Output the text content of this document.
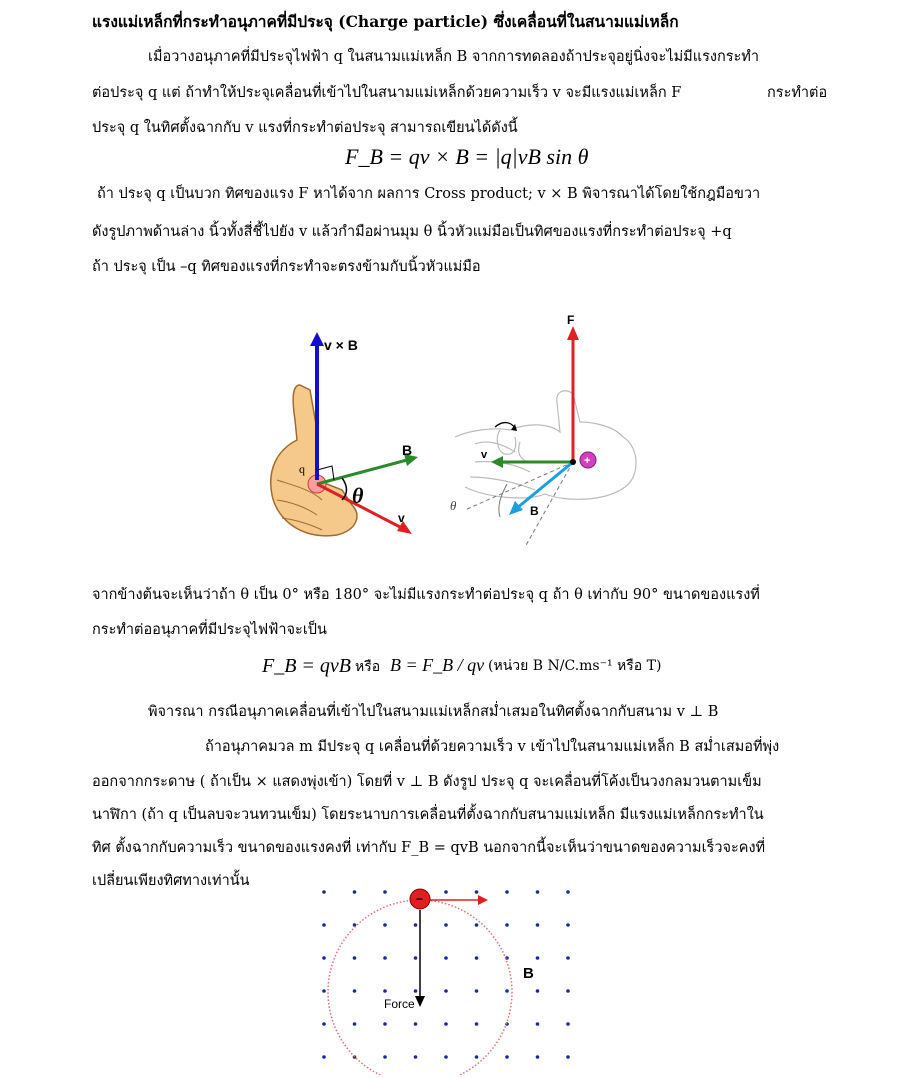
แรงแม่เหล็กที่กระทำอนุภาคที่มีประจุ (Charge particle) ซึ่งเคลื่อนที่ในสนามแม่เหล็ก
เมื่อวางอนุภาคที่มีประจุไฟฟ้า q ในสนามแม่เหล็ก B จากการทดลองถ้าประจุอยู่นิ่งจะไม่มีแรงกระทำ
ต่อประจุ q แต่ ถ้าทำให้ประจุเคลื่อนที่เข้าไปในสนามแม่เหล็กด้วยความเร็ว v จะมีแรงแม่เหล็ก F	กระทำต่อ
ประจุ q ในทิศตั้งฉากกับ v แรงที่กระทำต่อประจุ สามารถเขียนได้ดังนี้
F_B = qv × B = |q|vB sin θ
ถ้า ประจุ q เป็นบวก ทิศของแรง F หาได้จาก ผลการ Cross product; v × B พิจารณาได้โดยใช้กฎมือขวา
ดังรูปภาพด้านล่าง นิ้วทั้งสี่ชี้ไปยัง v แล้วกำมือผ่านมุม θ นิ้วหัวแม่มือเป็นทิศของแรงที่กระทำต่อประจุ +q
ถ้า ประจุ เป็น –q ทิศของแรงที่กระทำจะตรงข้ามกับนิ้วหัวแม่มือ
v × B
B
v
q
θ	θ
F
v
B
+
จากข้างต้นจะเห็นว่าถ้า θ เป็น 0° หรือ 180° จะไม่มีแรงกระทำต่อประจุ q ถ้า θ เท่ากับ 90° ขนาดของแรงที่
กระทำต่ออนุภาคที่มีประจุไฟฟ้าจะเป็น
F_B = qvB หรือ B = F_B / qv (หน่วย B N/C.ms⁻¹ หรือ T)
พิจารณา กรณีอนุภาคเคลื่อนที่เข้าไปในสนามแม่เหล็กสม่ำเสมอในทิศตั้งฉากกับสนาม v ⊥ B
ถ้าอนุภาคมวล m มีประจุ q เคลื่อนที่ด้วยความเร็ว v เข้าไปในสนามแม่เหล็ก B สม่ำเสมอที่พุ่ง
ออกจากกระดาษ ( ถ้าเป็น × แสดงพุ่งเข้า) โดยที่ v ⊥ B ดังรูป ประจุ q จะเคลื่อนที่โค้งเป็นวงกลมวนตามเข็ม
นาฬิกา (ถ้า q เป็นลบจะวนทวนเข็ม) โดยระนาบการเคลื่อนที่ตั้งฉากกับสนามแม่เหล็ก มีแรงแม่เหล็กกระทำใน
ทิศ ตั้งฉากกับความเร็ว ขนาดของแรงคงที่ เท่ากับ F_B = qvB นอกจากนี้จะเห็นว่าขนาดของความเร็วจะคงที่
เปลี่ยนเพียงทิศทางเท่านั้น
Force
−
B
